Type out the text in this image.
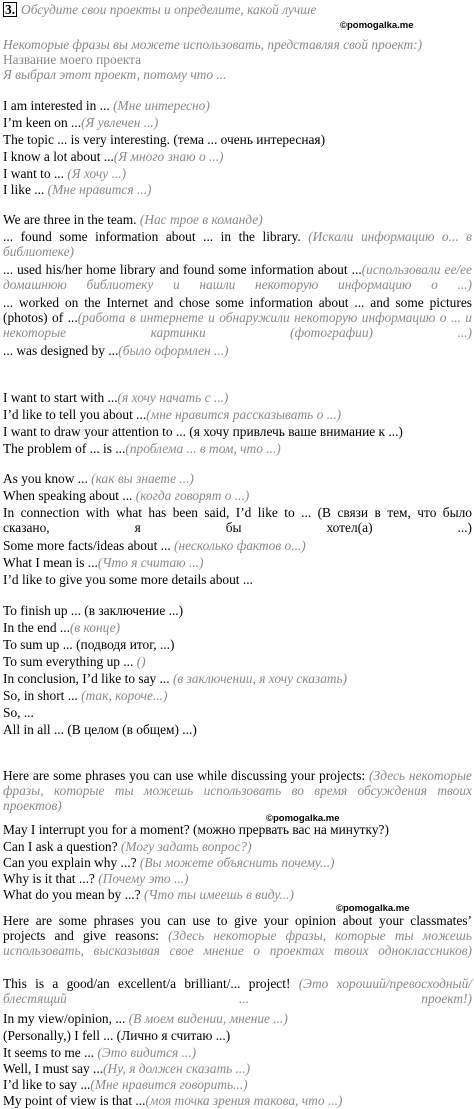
3. Обсудите свои проекты и определите, какой лучше
©pomogalka.me
Некоторые фразы вы можете использовать, представляя свой проект:)
Название моего проекта
Я выбрал этот проект, потому что ...
I am interested in ... (Мне интересно)
I’m keen on ...(Я увлечен ...)
The topic ... is very interesting. (тема ... очень интересная)
I know a lot about ...(Я много знаю о ...)
I want to ... (Я хочу ...)
I like ... (Мне нравится ...)
We are three in the team. (Нас трое в команде)
... found some information about ... in the library. (Искали информацию о... в библиотеке)
... used his/her home library and found some information about ...(использовали ее/ее домашнюю библиотеку и нашли некоторую информацию о ...)
... worked on the Internet and chose some information about ... and some pictures (photos) of ...(работа в интернете и обнаружили некоторую информацию о ... и некоторые картинки (фотографии) ...)
... was designed by ...(было оформлен ...)
I want to start with ...(я хочу начать с ...)
I’d like to tell you about ...(мне нравится рассказывать о ...)
I want to draw your attention to ... (я хочу привлечь ваше внимание к ...)
The problem of ... is ...(проблема ... в том, что ...)
As you know ... (как вы знаете ...)
When speaking about ... (когда говорят о ...)
In connection with what has been said, I’d like to ... (В связи в тем, что было сказано, я бы хотел(а) ...)
Some more facts/ideas about ... (несколько фактов о...)
What I mean is ...(Что я считаю ...)
I’d like to give you some more details about ...
To finish up ... (в заключение ...)
In the end ...(в конце)
To sum up ... (подводя итог, ...)
To sum everything up ... ()
In conclusion, I’d like to say ... (в заключении, я хочу сказать)
So, in short ... (так, короче...)
So, ...
All in all ... (В целом (в общем) ...)
Here are some phrases you can use while discussing your projects: (Здесь некоторые фразы, которые ты можешь использовать во время обсуждения твоих проектов)
©pomogalka.me
May I interrupt you for a moment? (можно прервать вас на минутку?)
Can I ask a question? (Могу задать вопрос?)
Can you explain why ...? (Вы можете объяснить почему...)
Why is it that ...? (Почему это ...)
What do you mean by ...? (Что ты имеешь в виду...)
©pomogalka.me
Here are some phrases you can use to give your opinion about your classmates’ projects and give reasons: (Здесь некоторые фразы, которые ты можешь использовать, высказывая свое мнение о проектах твоих одноклассников)
This is a good/an excellent/a brilliant/... project! (Это хороший/превосходный/блестящий ... проект!)
In my view/opinion, ... (В моем видении, мнение ...)
(Personally,) I fell ... (Лично я считаю ...)
It seems to me ... (Это видится ...)
Well, I must say ...(Ну, я должен сказать ...)
I’d like to say ...(Мне нравится говорить...)
My point of view is that ...(моя точка зрения такова, что ...)
